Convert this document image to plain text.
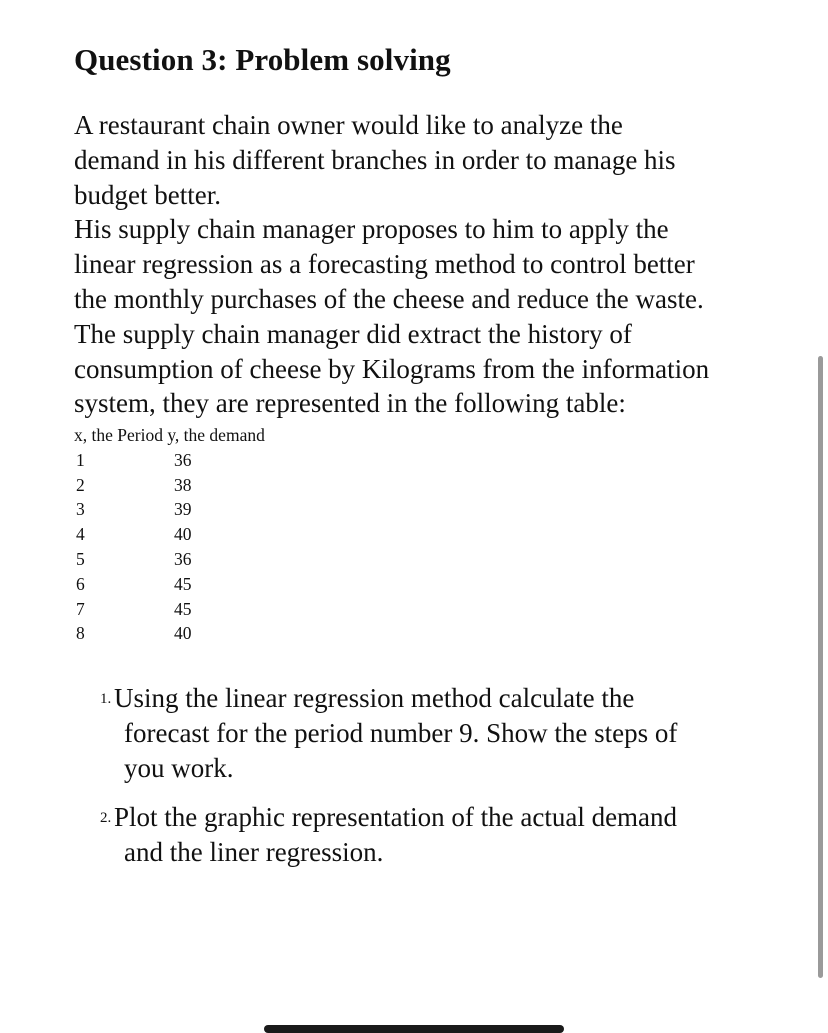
Question 3: Problem solving

A restaurant chain owner would like to analyze the

demand in his different branches in order to manage his

budget better.

His supply chain manager proposes to him to apply the

linear regression as a forecasting method to control better

the monthly purchases of the cheese and reduce the waste.

The supply chain manager did extract the history of

consumption of cheese by Kilograms from the information

system, they are represented in the following table:

x, the Period y, the demand
1	36
2	38
3	39
4	40
5	36
6	45
7	45
8	40
1. Using the linear regression method calculate the
forecast for the period number 9. Show the steps of
you work.
2. Plot the graphic representation of the actual demand
and the liner regression.
